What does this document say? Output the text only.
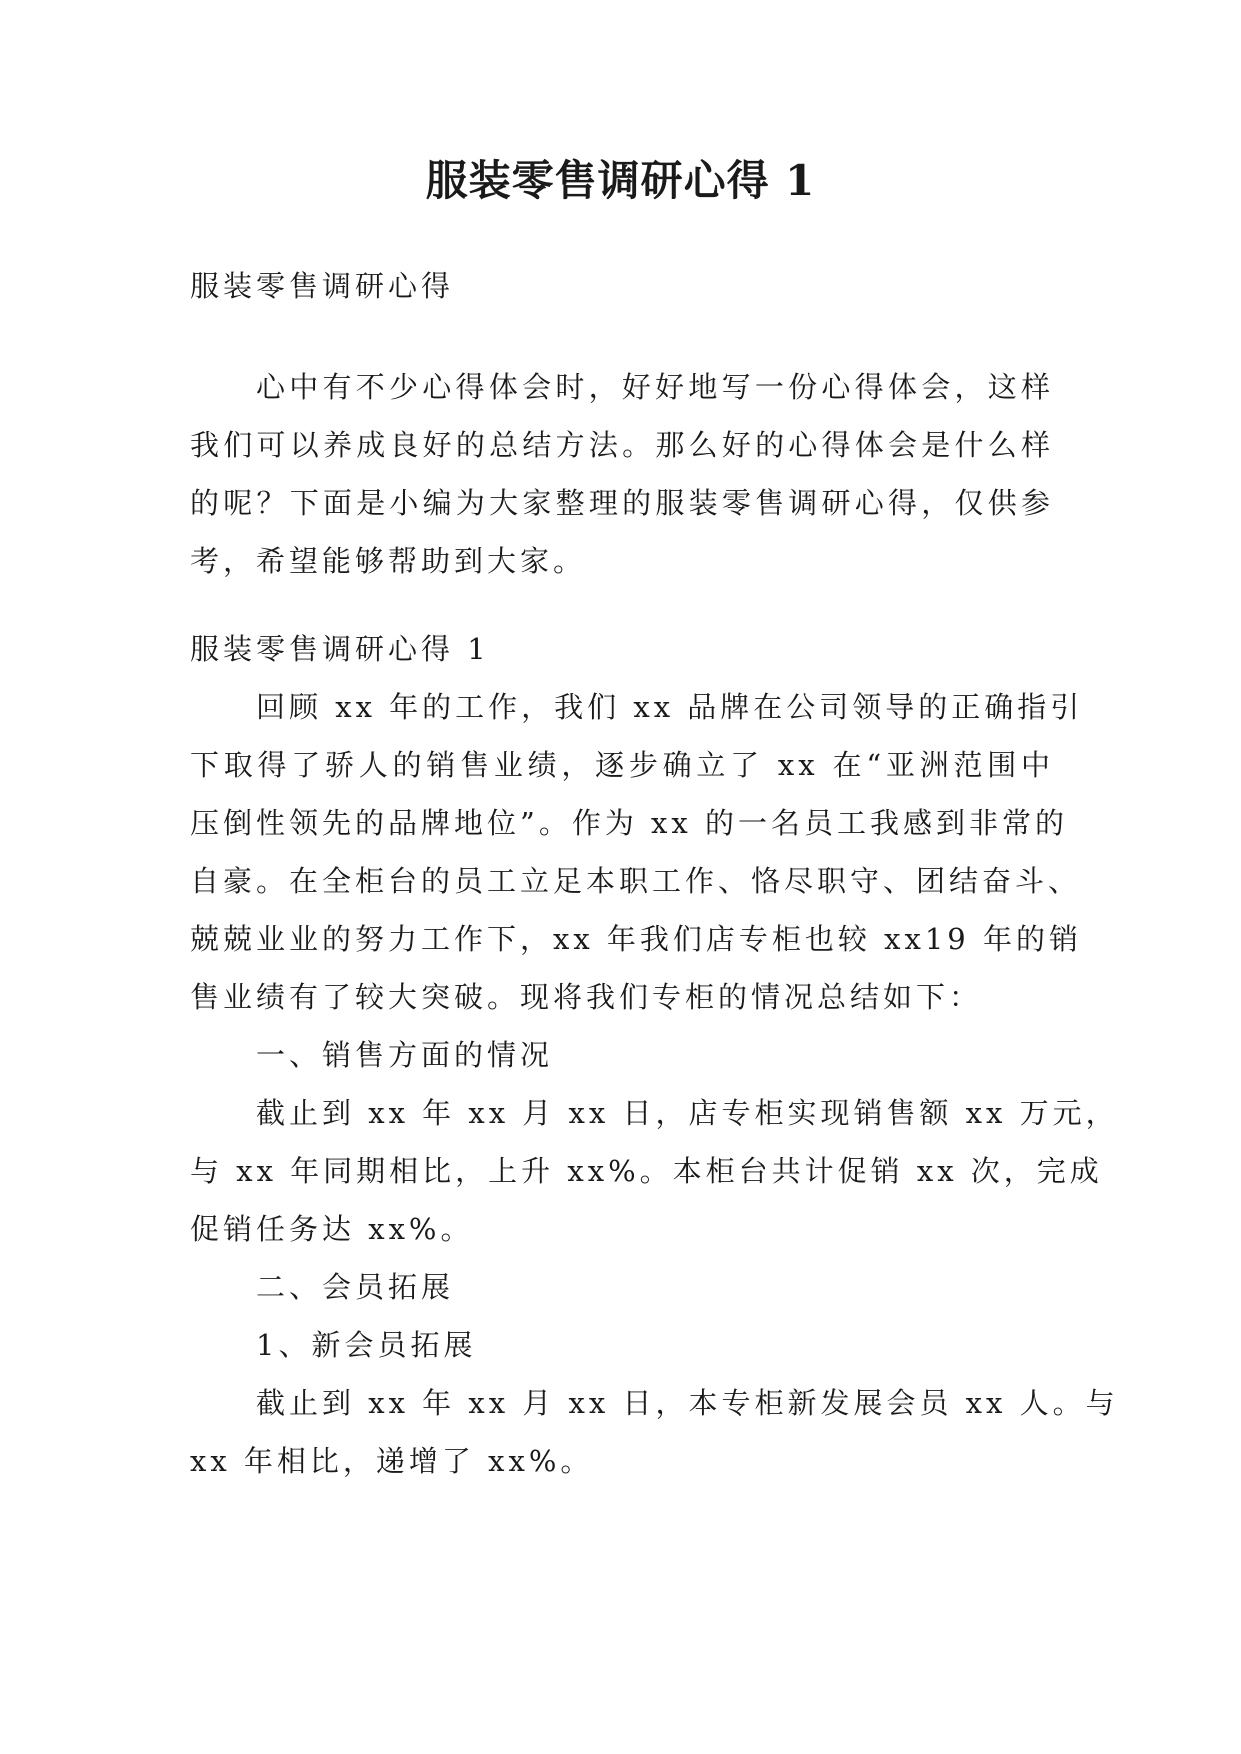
服装零售调研心得 1
服装零售调研心得
心中有不少心得体会时，好好地写一份心得体会，这样
我们可以养成良好的总结方法。那么好的心得体会是什么样
的呢？下面是小编为大家整理的服装零售调研心得，仅供参
考，希望能够帮助到大家。
服装零售调研心得 1
回顾 xx 年的工作，我们 xx 品牌在公司领导的正确指引
下取得了骄人的销售业绩，逐步确立了 xx 在“亚洲范围中
压倒性领先的品牌地位”。作为 xx 的一名员工我感到非常的
自豪。在全柜台的员工立足本职工作、恪尽职守、团结奋斗、
兢兢业业的努力工作下，xx 年我们店专柜也较 xx19 年的销
售业绩有了较大突破。现将我们专柜的情况总结如下：
一、销售方面的情况
截止到 xx 年 xx 月 xx 日，店专柜实现销售额 xx 万元，
与 xx 年同期相比，上升 xx%。本柜台共计促销 xx 次，完成
促销任务达 xx%。
二、会员拓展
1、新会员拓展
截止到 xx 年 xx 月 xx 日，本专柜新发展会员 xx 人。与
xx 年相比，递增了 xx%。
